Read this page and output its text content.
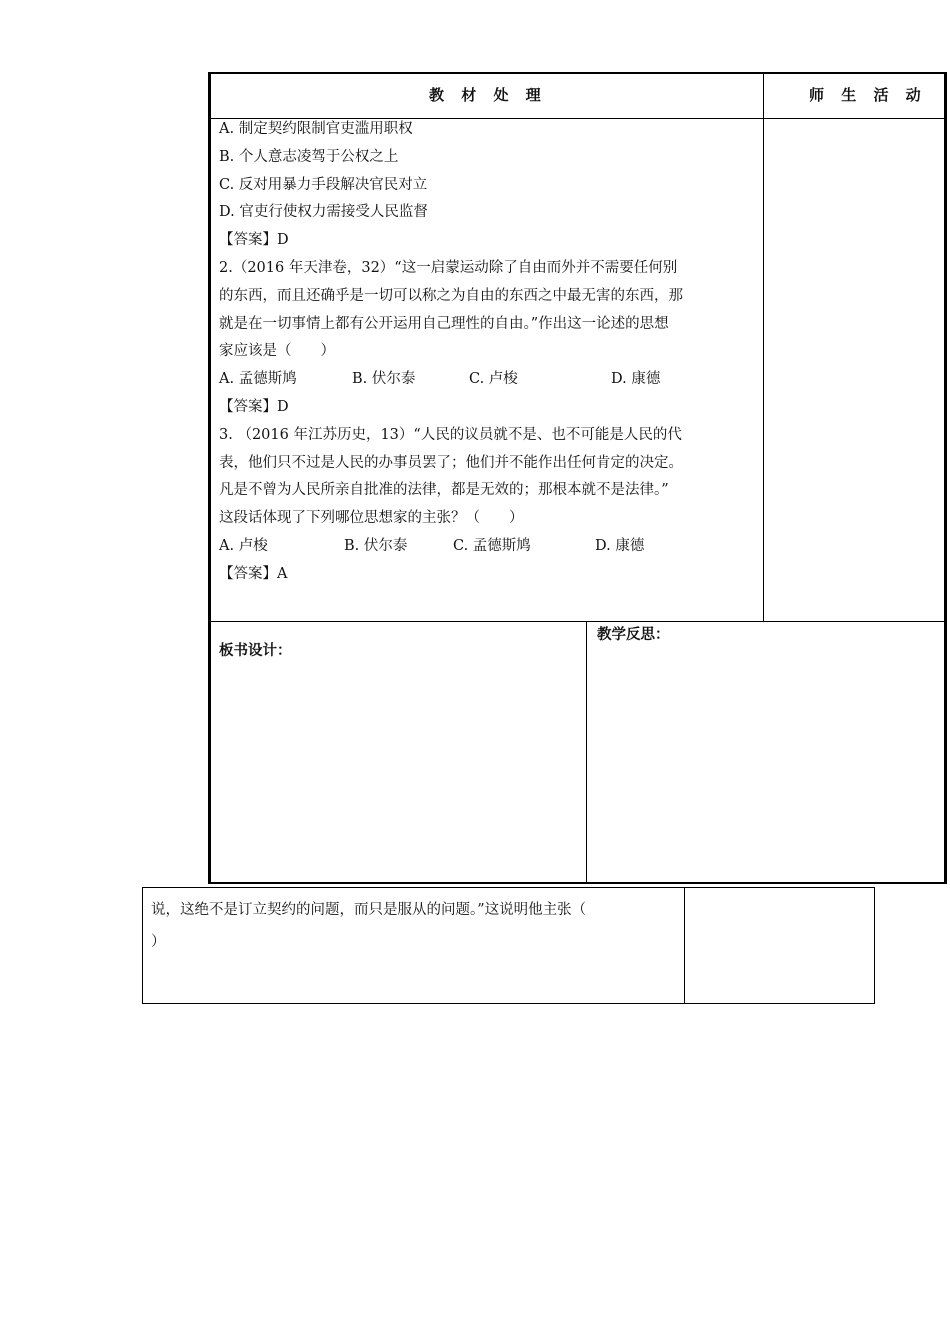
教 材 处 理	师 生 活 动
A. 制定契约限制官吏滥用职权
B. 个人意志凌驾于公权之上
C. 反对用暴力手段解决官民对立
D. 官吏行使权力需接受人民监督
【答案】D
2.（2016 年天津卷，32）“这一启蒙运动除了自由而外并不需要任何别
的东西，而且还确乎是一切可以称之为自由的东西之中最无害的东西，那
就是在一切事情上都有公开运用自己理性的自由。”作出这一论述的思想
家应该是（　　）
A. 孟德斯鸠	B. 伏尔泰	C. 卢梭	D. 康德
【答案】D
3. （2016 年江苏历史，13）“人民的议员就不是、也不可能是人民的代
表，他们只不过是人民的办事员罢了；他们并不能作出任何肯定的决定。
凡是不曾为人民所亲自批准的法律，都是无效的；那根本就不是法律。”
这段话体现了下列哪位思想家的主张？（　　）
A. 卢梭	B. 伏尔泰	C. 孟德斯鸠	D. 康德
【答案】A
板书设计：
教学反思：
说，这绝不是订立契约的问题，而只是服从的问题。”这说明他主张（
）
